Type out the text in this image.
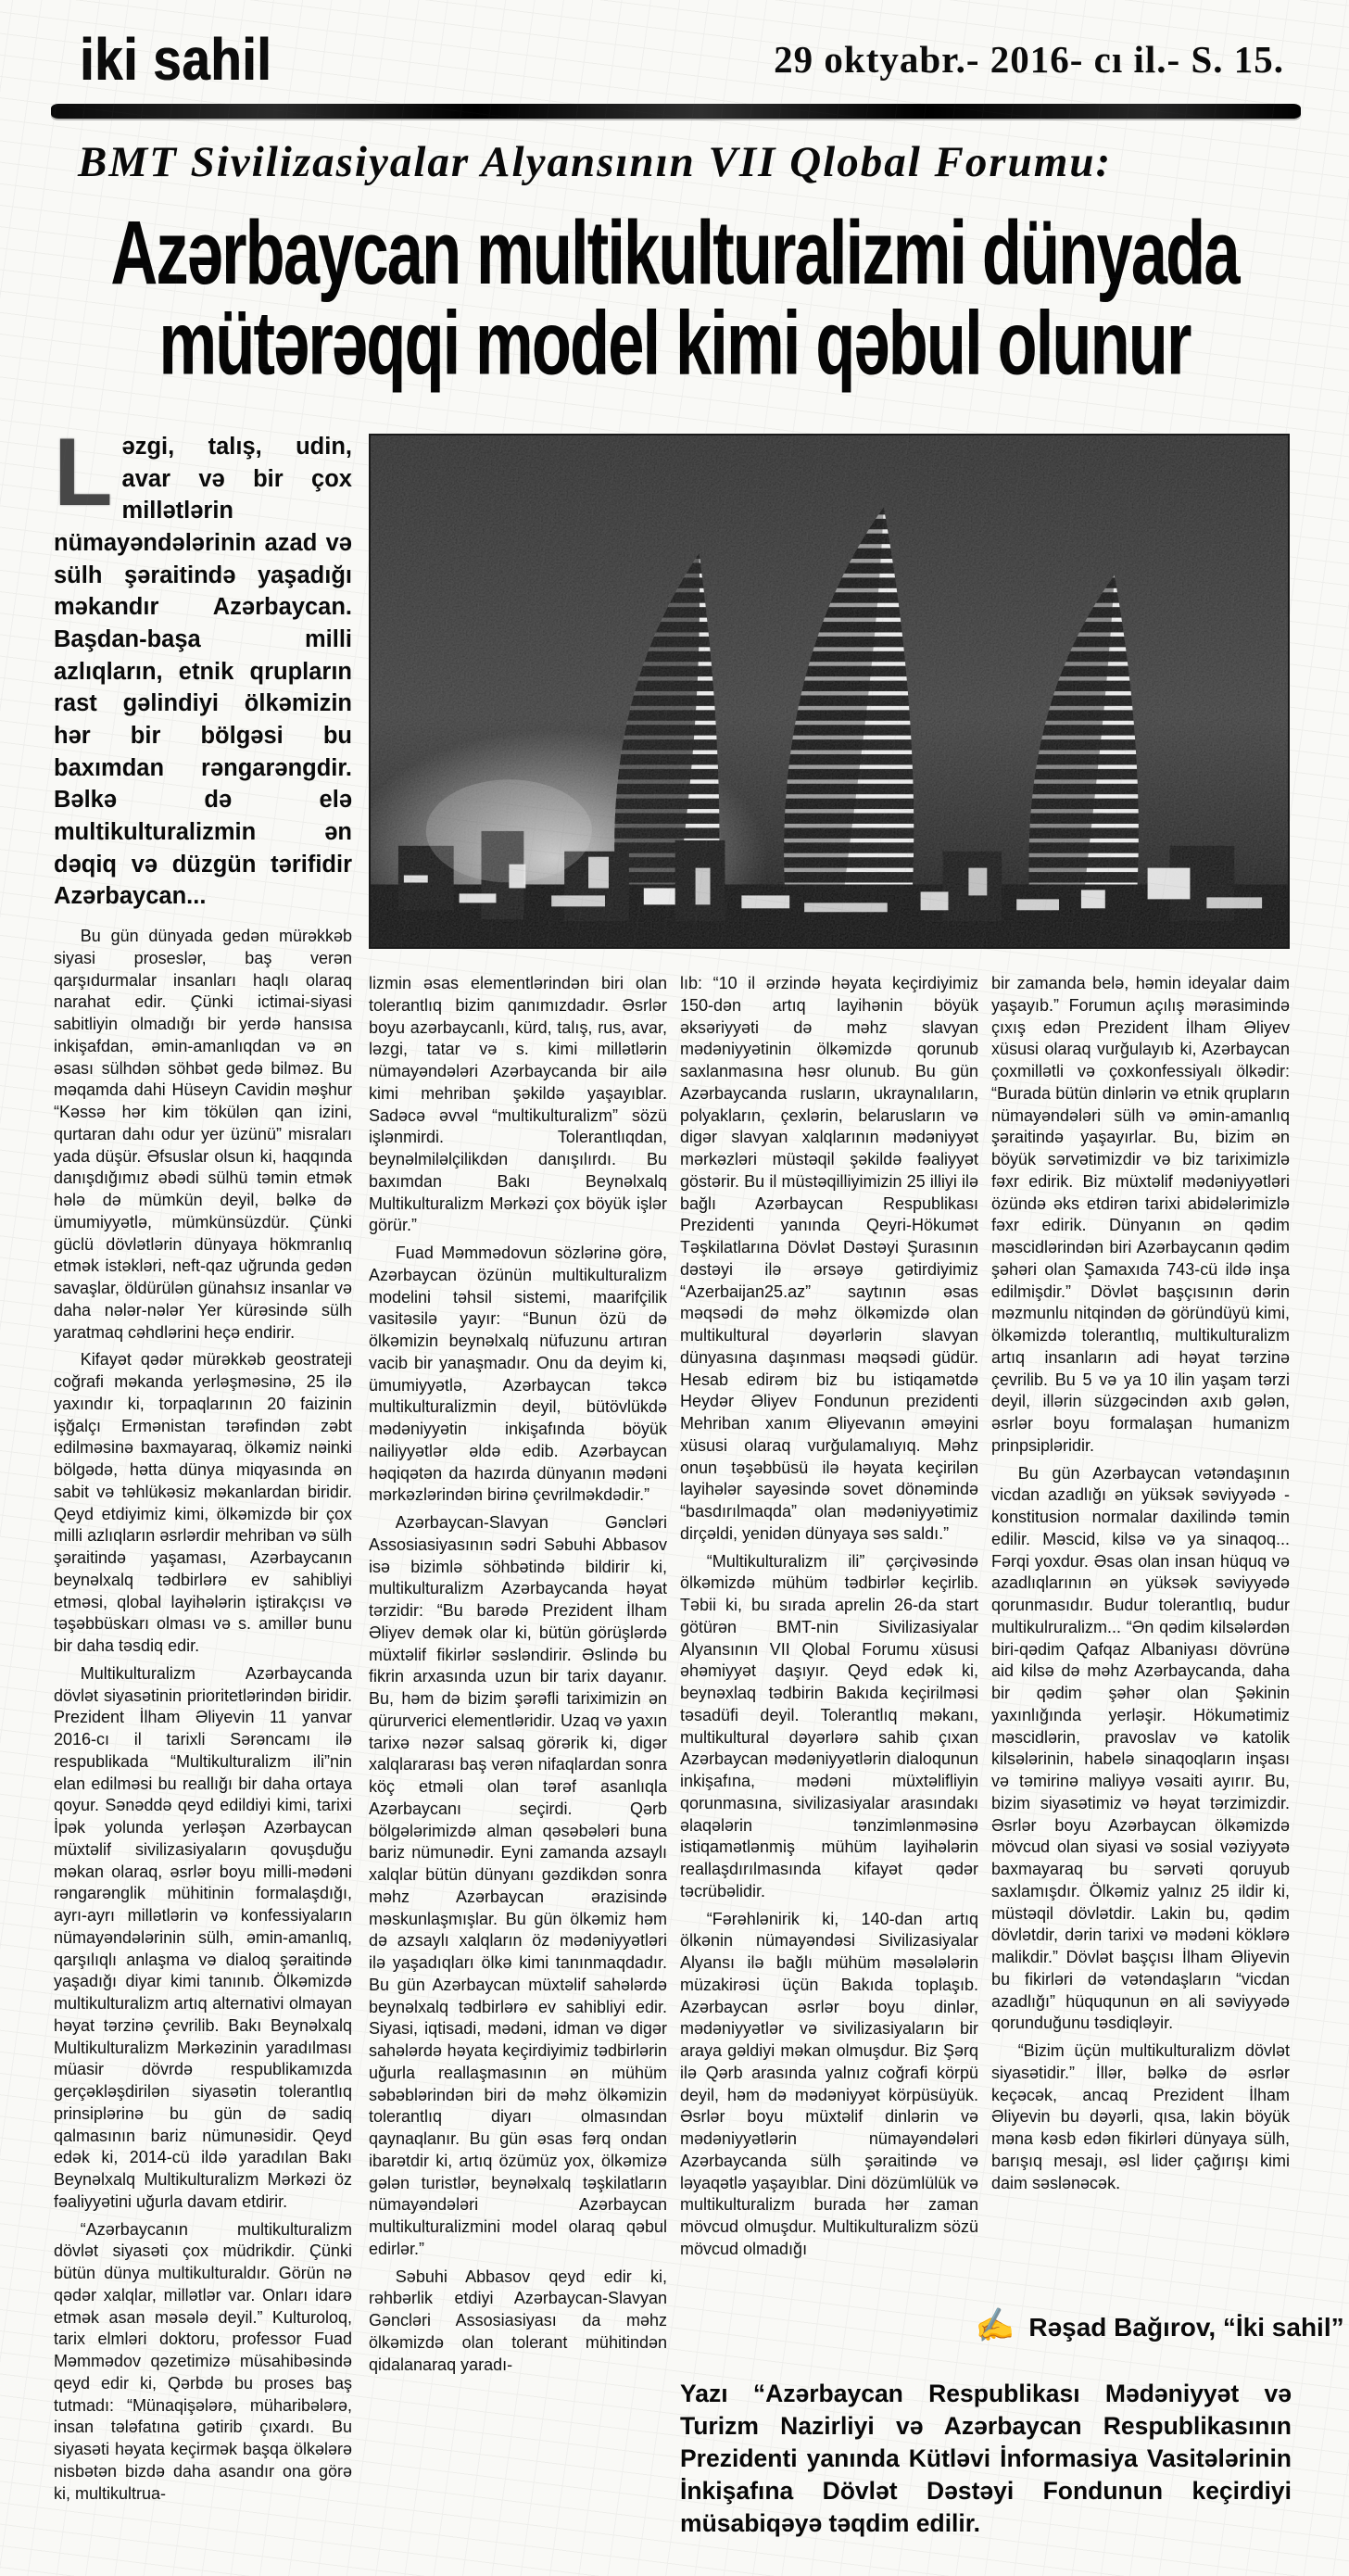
iki sahil	29 oktyabr.- 2016- cı il.- S. 15.
BMT Sivilizasiyalar Alyansının VII Qlobal Forumu:
Azərbaycan multikulturalizmi dünyada
mütərəqqi model kimi qəbul olunur

Ləzgi, talış, udin, avar və bir çox millətlərin nümayəndələrinin azad və sülh şəraitində yaşadığı məkandır Azərbaycan. Başdan-başa milli azlıqların, etnik qrupların rast gəlindiyi ölkəmizin hər bir bölgəsi bu baxımdan rəngarəngdir. Bəlkə də elə multikulturalizmin ən dəqiq və düzgün tərifidir Azərbaycan...

Bu gün dünyada gedən mürəkkəb siyasi proseslər, baş verən qarşıdurmalar insanları haqlı olaraq narahat edir. Çünki ictimai-siyasi sabitliyin olmadığı bir yerdə hansısa inkişafdan, əmin-amanlıqdan və ən əsası sülhdən söhbət gedə bilməz. Bu məqamda dahi Hüseyn Cavidin məşhur “Kəssə hər kim tökülən qan izini, qurtaran dahı odur yer üzünü” misraları yada düşür. Əfsuslar olsun ki, haqqında danışdığımız əbədi sülhü təmin etmək hələ də mümkün deyil, bəlkə də ümumiyyətlə, mümkünsüzdür. Çünki güclü dövlətlərin dünyaya hökmranlıq etmək istəkləri, neft-qaz uğrunda gedən savaşlar, öldürülən günahsız insanlar və daha nələr-nələr Yer kürəsində sülh yaratmaq cəhdlərini heçə endirir.

Kifayət qədər mürəkkəb geostrateji coğrafi məkanda yerləşməsinə, 25 ilə yaxındır ki, torpaqlarının 20 faizinin işğalçı Ermənistan tərəfindən zəbt edilməsinə baxmayaraq, ölkəmiz nəinki bölgədə, hətta dünya miqyasında ən sabit və təhlükəsiz məkanlardan biridir. Qeyd etdiyimiz kimi, ölkəmizdə bir çox milli azlıqların əsrlərdir mehriban və sülh şəraitində yaşaması, Azərbaycanın beynəlxalq tədbirlərə ev sahibliyi etməsi, qlobal layihələrin iştirakçısı və təşəbbüskarı olması və s. amillər bunu bir daha təsdiq edir.

Multikulturalizm Azərbaycanda dövlət siyasətinin prioritetlərindən biridir. Prezident İlham Əliyevin 11 yanvar 2016-cı il tarixli Sərəncamı ilə respublikada “Multikulturalizm ili”nin elan edilməsi bu reallığı bir daha ortaya qoyur. Sənəddə qeyd edildiyi kimi, tarixi İpək yolunda yerləşən Azərbaycan müxtəlif sivilizasiyaların qovuşduğu məkan olaraq, əsrlər boyu milli-mədəni rəngarənglik mühitinin formalaşdığı, ayrı-ayrı millətlərin və konfessiyaların nümayəndələrinin sülh, əmin-amanlıq, qarşılıqlı anlaşma və dialoq şəraitində yaşadığı diyar kimi tanınıb. Ölkəmizdə multikulturalizm artıq alternativi olmayan həyat tərzinə çevrilib. Bakı Beynəlxalq Multikulturalizm Mərkəzinin yaradılması müasir dövrdə respublikamızda gerçəkləşdirilən siyasətin tolerantlıq prinsiplərinə bu gün də sadiq qalmasının bariz nümunəsidir. Qeyd edək ki, 2014-cü ildə yaradılan Bakı Beynəlxalq Multikulturalizm Mərkəzi öz fəaliyyətini uğurla davam etdirir.

“Azərbaycanın multikulturalizm dövlət siyasəti çox müdrikdir. Çünki bütün dünya multikulturaldır. Görün nə qədər xalqlar, millətlər var. Onları idarə etmək asan məsələ deyil.” Kulturoloq, tarix elmləri doktoru, professor Fuad Məmmədov qəzetimizə müsahibəsində qeyd edir ki, Qərbdə bu proses baş tutmadı: “Münaqişələrə, müharibələrə, insan tələfatına gətirib çıxardı. Bu siyasəti həyata keçirmək başqa ölkələrə nisbətən bizdə daha asandır ona görə ki, multikultrua-

lizmin əsas elementlərindən biri olan tolerantlıq bizim qanımızdadır. Əsrlər boyu azərbaycanlı, kürd, talış, rus, avar, ləzgi, tatar və s. kimi millətlərin nümayəndələri Azərbaycanda bir ailə kimi mehriban şəkildə yaşayıblar. Sadəcə əvvəl “multikulturalizm” sözü işlənmirdi. Tolerantlıqdan, beynəlmiləlçilikdən danışılırdı. Bu baxımdan Bakı Beynəlxalq Multikulturalizm Mərkəzi çox böyük işlər görür.”

Fuad Məmmədovun sözlərinə görə, Azərbaycan özünün multikulturalizm modelini təhsil sistemi, maarifçilik vasitəsilə yayır: “Bunun özü də ölkəmizin beynəlxalq nüfuzunu artıran vacib bir yanaşmadır. Onu da deyim ki, ümumiyyətlə, Azərbaycan təkcə multikulturalizmin deyil, bütövlükdə mədəniyyətin inkişafında böyük nailiyyətlər əldə edib. Azərbaycan həqiqətən da hazırda dünyanın mədəni mərkəzlərindən birinə çevrilməkdədir.”

Azərbaycan-Slavyan Gəncləri Assosiasiyasının sədri Səbuhi Abbasov isə bizimlə söhbətində bildirir ki, multikulturalizm Azərbaycanda həyat tərzidir: “Bu barədə Prezident İlham Əliyev demək olar ki, bütün görüşlərdə müxtəlif fikirlər səsləndirir. Əslində bu fikrin arxasında uzun bir tarix dayanır. Bu, həm də bizim şərəfli tariximizin ən qürurverici elementləridir. Uzaq və yaxın tarixə nəzər salsaq görərik ki, digər xalqlararası baş verən nifaqlardan sonra köç etməli olan tərəf asanlıqla Azərbaycanı seçirdi. Qərb bölgələrimizdə alman qəsəbələri buna bariz nümunədir. Eyni zamanda azsaylı xalqlar bütün dünyanı gəzdikdən sonra məhz Azərbaycan ərazisində məskunlaşmışlar. Bu gün ölkəmiz həm də azsaylı xalqların öz mədəniyyətləri ilə yaşadıqları ölkə kimi tanınmaqdadır. Bu gün Azərbaycan müxtəlif sahələrdə beynəlxalq tədbirlərə ev sahibliyi edir. Siyasi, iqtisadi, mədəni, idman və digər sahələrdə həyata keçirdiyimiz tədbirlərin uğurla reallaşmasının ən mühüm səbəblərindən biri də məhz ölkəmizin tolerantlıq diyarı olmasından qaynaqlanır. Bu gün əsas fərq ondan ibarətdir ki, artıq özümüz yox, ölkəmizə gələn turistlər, beynəlxalq təşkilatların nümayəndələri Azərbaycan multikulturalizmini model olaraq qəbul edirlər.”

Səbuhi Abbasov qeyd edir ki, rəhbərlik etdiyi Azərbaycan-Slavyan Gəncləri Assosiasiyası da məhz ölkəmizdə olan tolerant mühitindən qidalanaraq yaradı-

lıb: “10 il ərzində həyata keçirdiyimiz 150-dən artıq layihənin böyük əksəriyyəti də məhz slavyan mədəniyyətinin ölkəmizdə qorunub saxlanmasına həsr olunub. Bu gün Azərbaycanda rusların, ukraynalıların, polyakların, çexlərin, belarusların və digər slavyan xalqlarının mədəniyyət mərkəzləri müstəqil şəkildə fəaliyyət göstərir. Bu il müstəqilliyimizin 25 illiyi ilə bağlı Azərbaycan Respublikası Prezidenti yanında Qeyri-Hökumət Təşkilatlarına Dövlət Dəstəyi Şurasının dəstəyi ilə ərsəyə gətirdiyimiz “Azerbaijan25.az” saytının əsas məqsədi də məhz ölkəmizdə olan multikultural dəyərlərin slavyan dünyasına daşınması məqsədi güdür. Hesab edirəm biz bu istiqamətdə Heydər Əliyev Fondunun prezidenti Mehriban xanım Əliyevanın əməyini xüsusi olaraq vurğulamalıyıq. Məhz onun təşəbbüsü ilə həyata keçirilən layihələr sayəsində sovet dönəmində “basdırılmaqda” olan mədəniyyətimiz dirçəldi, yenidən dünyaya səs saldı.”

“Multikulturalizm ili” çərçivəsində ölkəmizdə mühüm tədbirlər keçirlib. Təbii ki, bu sırada aprelin 26-da start götürən BMT-nin Sivilizasiyalar Alyansının VII Qlobal Forumu xüsusi əhəmiyyət daşıyır. Qeyd edək ki, beynəxlaq tədbirin Bakıda keçirilməsi təsadüfi deyil. Tolerantlıq məkanı, multikultural dəyərlərə sahib çıxan Azərbaycan mədəniyyətlərin dialoqunun inkişafına, mədəni müxtəlifliyin qorunmasına, sivilizasiyalar arasındakı əlaqələrin tənzimlənməsinə istiqamətlənmiş mühüm layihələrin reallaşdırılmasında kifayət qədər təcrübəlidir.

“Fərəhlənirik ki, 140-dan artıq ölkənin nümayəndəsi Sivilizasiyalar Alyansı ilə bağlı mühüm məsələlərin müzakirəsi üçün Bakıda toplaşıb. Azərbaycan əsrlər boyu dinlər, mədəniyyətlər və sivilizasiyaların bir araya gəldiyi məkan olmuşdur. Biz Şərq ilə Qərb arasında yalnız coğrafi körpü deyil, həm də mədəniyyət körpüsüyük. Əsrlər boyu müxtəlif dinlərin və mədəniyyətlərin nümayəndələri Azərbaycanda sülh şəraitində və ləyaqətlə yaşayıblar. Dini dözümlülük və multikulturalizm burada hər zaman mövcud olmuşdur. Multikulturalizm sözü mövcud olmadığı

bir zamanda belə, həmin ideyalar daim yaşayıb.” Forumun açılış mərasimində çıxış edən Prezident İlham Əliyev xüsusi olaraq vurğulayıb ki, Azərbaycan çoxmillətli və çoxkonfessiyalı ölkədir: “Burada bütün dinlərin və etnik qrupların nümayəndələri sülh və əmin-amanlıq şəraitində yaşayırlar. Bu, bizim ən böyük sərvətimizdir və biz tariximizlə fəxr edirik. Biz müxtəlif mədəniyyətləri özündə əks etdirən tarixi abidələrimizlə fəxr edirik. Dünyanın ən qədim məscidlərindən biri Azərbaycanın qədim şəhəri olan Şamaxıda 743-cü ildə inşa edilmişdir.” Dövlət başçısının dərin məzmunlu nitqindən də göründüyü kimi, ölkəmizdə tolerantlıq, multikulturalizm artıq insanların adi həyat tərzinə çevrilib. Bu 5 və ya 10 ilin yaşam tərzi deyil, illərin süzgəcindən axıb gələn, əsrlər boyu formalaşan humanizm prinpsipləridir.

Bu gün Azərbaycan vətəndaşının vicdan azadlığı ən yüksək səviyyədə - konstitusion normalar daxilində təmin edilir. Məscid, kilsə və ya sinaqoq... Fərqi yoxdur. Əsas olan insan hüquq və azadlıqlarının ən yüksək səviyyədə qorunmasıdır. Budur tolerantlıq, budur multikulruralizm... “Ən qədim kilsələrdən biri-qədim Qafqaz Albaniyası dövrünə aid kilsə də məhz Azərbaycanda, daha bir qədim şəhər olan Şəkinin yaxınlığında yerləşir. Hökumətimiz məscidlərin, pravoslav və katolik kilsələrinin, habelə sinaqoqların inşası və təmirinə maliyyə vəsaiti ayırır. Bu, bizim siyasətimiz və həyat tərzimizdir. Əsrlər boyu Azərbaycan ölkəmizdə mövcud olan siyasi və sosial vəziyyətə baxmayaraq bu sərvəti qoruyub saxlamışdır. Ölkəmiz yalnız 25 ildir ki, müstəqil dövlətdir. Lakin bu, qədim dövlətdir, dərin tarixi və mədəni köklərə malikdir.” Dövlət başçısı İlham Əliyevin bu fikirləri də vətəndaşların “vicdan azadlığı” hüququnun ən ali səviyyədə qorunduğunu təsdiqləyir.

“Bizim üçün multikulturalizm dövlət siyasətidir.” İllər, bəlkə də əsrlər keçəcək, ancaq Prezident İlham Əliyevin bu dəyərli, qısa, lakin böyük məna kəsb edən fikirləri dünyaya sülh, barışıq mesajı, əsl lider çağırışı kimi daim səslənəcək.

✍ Rəşad Bağırov, “İki sahil”

Yazı “Azərbaycan Respublikası Mədəniyyət və Turizm Nazirliyi və Azərbaycan Respublikasının Prezidenti yanında Kütləvi İnformasiya Vasitələrinin İnkişafına Dövlət Dəstəyi Fondunun keçirdiyi müsabiqəyə təqdim edilir.
